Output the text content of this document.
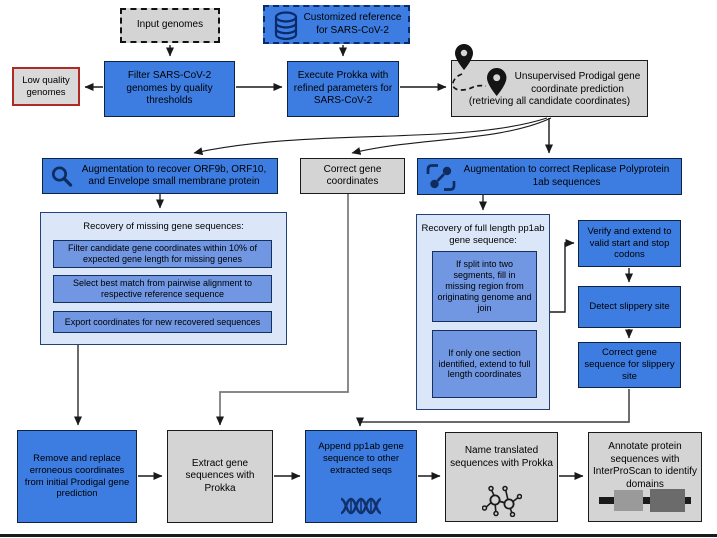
Input genomes
Customized reference for SARS-CoV-2
Low quality genomes
Filter SARS-CoV-2 genomes by quality thresholds
Execute Prokka with refined parameters for SARS-CoV-2
Unsupervised Prodigal gene coordinate prediction
(retrieving all candidate coordinates)
Augmentation to recover ORF9b, ORF10, and Envelope small membrane protein
Correct gene coordinates
Augmentation to correct Replicase Polyprotein 1ab sequences
Recovery of missing gene sequences:
Filter candidate gene coordinates within 10% of expected gene length for missing genes
Select best match from pairwise alignment to respective reference sequence
Export coordinates for new recovered sequences
Recovery of full length pp1ab gene sequence:
If split into two segments, fill in missing region from originating genome and join
If only one section identified, extend to full length coordinates
Verify and extend to valid start and stop codons
Detect slippery site
Correct gene sequence for slippery site
Remove and replace erroneous coordinates from initial Prodigal gene prediction
Extract gene sequences with Prokka
Append pp1ab gene sequence to other extracted seqs
Name translated sequences with Prokka
Annotate protein sequences with InterProScan to identify domains
